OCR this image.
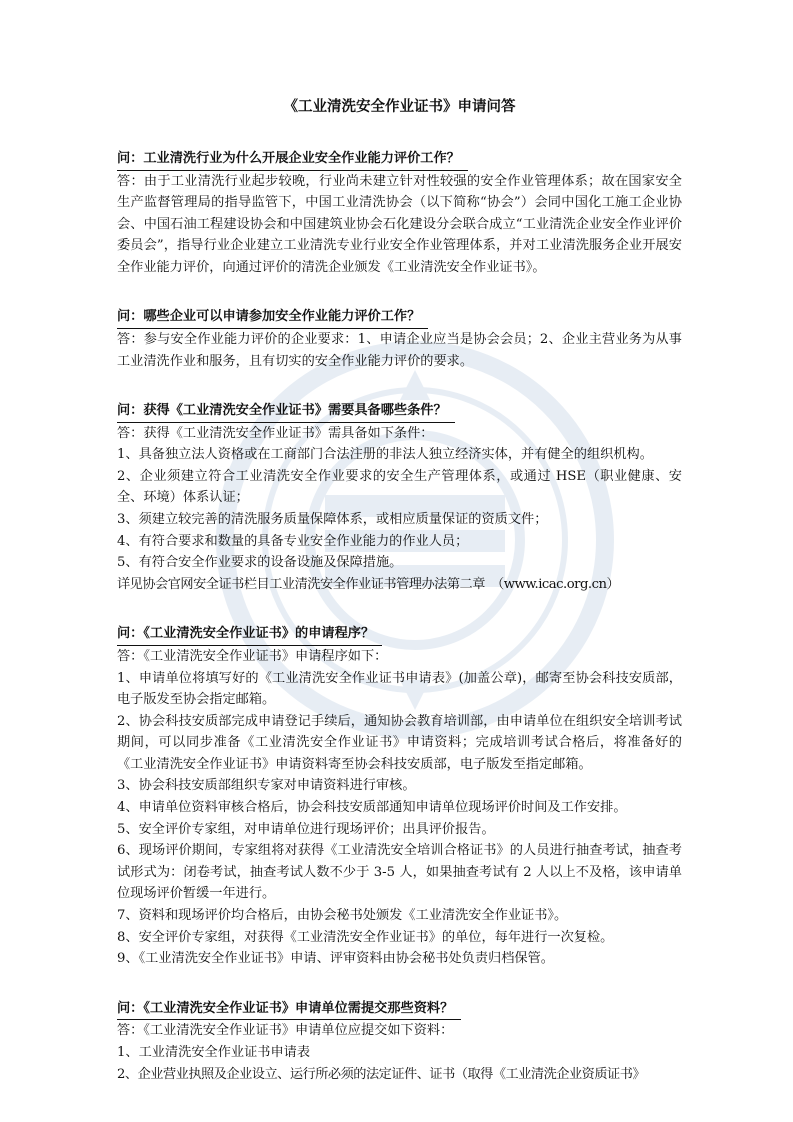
《工业清洗安全作业证书》申请问答
问：工业清洗行业为什么开展企业安全作业能力评价工作？

答：由于工业清洗行业起步较晚，行业尚未建立针对性较强的安全作业管理体系；故在国家安全生产监督管理局的指导监管下，中国工业清洗协会（以下简称“协会”）会同中国化工施工企业协会、中国石油工程建设协会和中国建筑业协会石化建设分会联合成立“工业清洗企业安全作业评价委员会”，指导行业企业建立工业清洗专业行业安全作业管理体系，并对工业清洗服务企业开展安全作业能力评价，向通过评价的清洗企业颁发《工业清洗安全作业证书》。

问：哪些企业可以申请参加安全作业能力评价工作？

答：参与安全作业能力评价的企业要求：1、申请企业应当是协会会员；2、企业主营业务为从事工业清洗作业和服务，且有切实的安全作业能力评价的要求。

问：获得《工业清洗安全作业证书》需要具备哪些条件？

答：获得《工业清洗安全作业证书》需具备如下条件：

1、具备独立法人资格或在工商部门合法注册的非法人独立经济实体，并有健全的组织机构。

2、企业须建立符合工业清洗安全作业要求的安全生产管理体系，或通过 HSE（职业健康、安全、环境）体系认证；

3、须建立较完善的清洗服务质量保障体系，或相应质量保证的资质文件；

4、有符合要求和数量的具备专业安全作业能力的作业人员；

5、有符合安全作业要求的设备设施及保障措施。

详见协会官网安全证书栏目工业清洗安全作业证书管理办法第二章　（www.icac.org.cn）

问：《工业清洗安全作业证书》的申请程序？

答：《工业清洗安全作业证书》申请程序如下：

1、申请单位将填写好的《工业清洗安全作业证书申请表》(加盖公章)，邮寄至协会科技安质部，电子版发至协会指定邮箱。

2、协会科技安质部完成申请登记手续后，通知协会教育培训部，由申请单位在组织安全培训考试期间，可以同步准备《工业清洗安全作业证书》申请资料；完成培训考试合格后，将准备好的《工业清洗安全作业证书》申请资料寄至协会科技安质部，电子版发至指定邮箱。

3、协会科技安质部组织专家对申请资料进行审核。

4、申请单位资料审核合格后，协会科技安质部通知申请单位现场评价时间及工作安排。

5、安全评价专家组，对申请单位进行现场评价；出具评价报告。

6、现场评价期间，专家组将对获得《工业清洗安全培训合格证书》的人员进行抽查考试，抽查考试形式为：闭卷考试，抽查考试人数不少于 3-5 人，如果抽查考试有 2 人以上不及格，该申请单位现场评价暂缓一年进行。

7、资料和现场评价均合格后，由协会秘书处颁发《工业清洗安全作业证书》。

8、安全评价专家组，对获得《工业清洗安全作业证书》的单位，每年进行一次复检。

9、《工业清洗安全作业证书》申请、评审资料由协会秘书处负责归档保管。

问：《工业清洗安全作业证书》申请单位需提交那些资料？

答：《工业清洗安全作业证书》申请单位应提交如下资料：

1、工业清洗安全作业证书申请表

2、企业营业执照及企业设立、运行所必须的法定证件、证书（取得《工业清洗企业资质证书》
